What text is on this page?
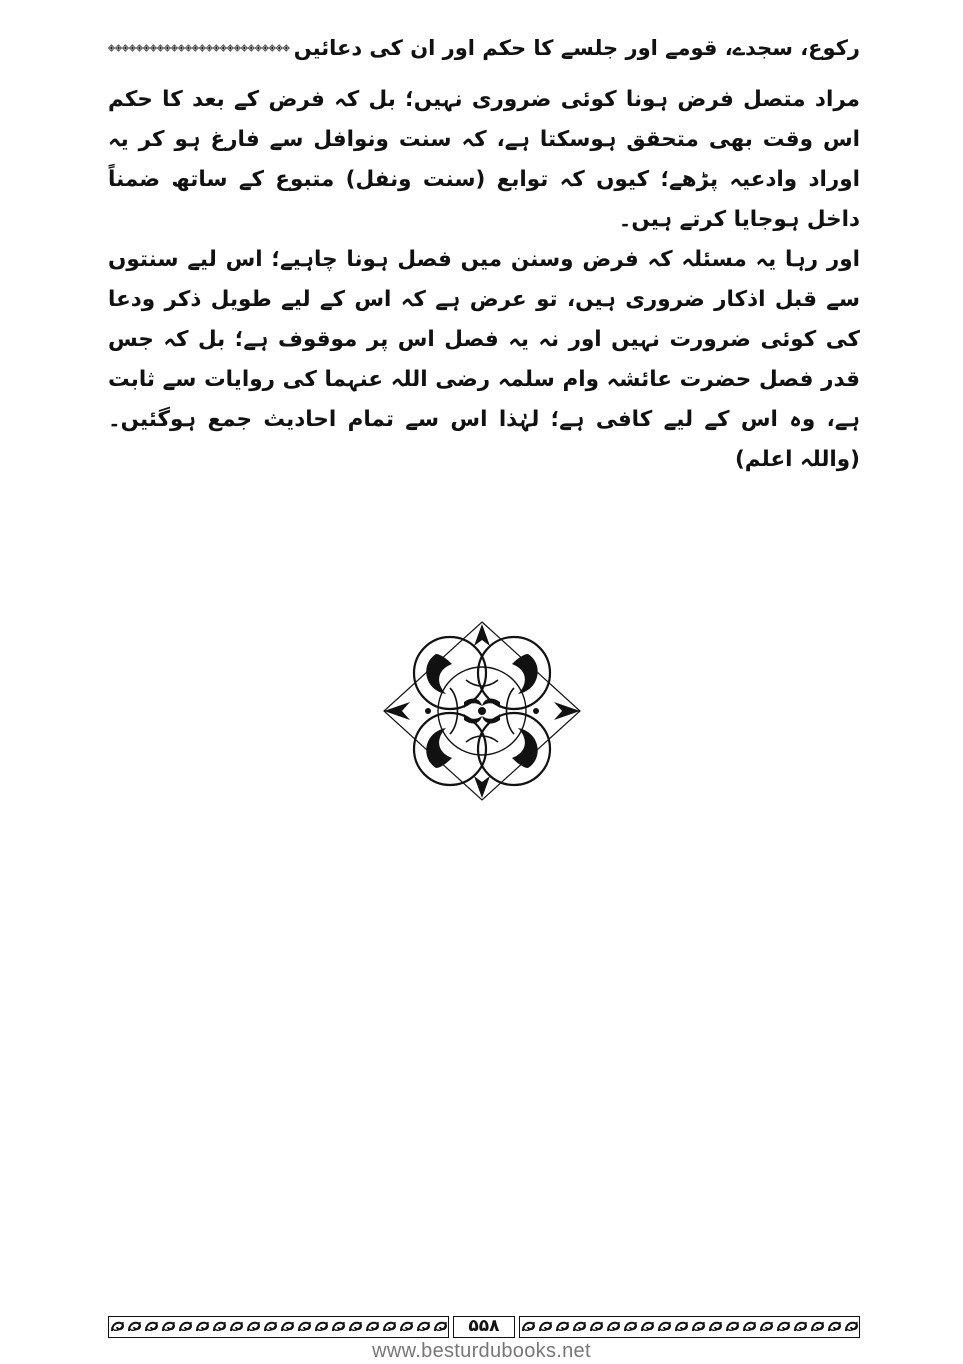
رکوع، سجدے، قومے اور جلسے کا حکم اور ان کی دعائیں

مراد متصل فرض ہونا کوئی ضروری نہیں؛ بل کہ فرض کے بعد کا حکم اس وقت بھی متحقق ہوسکتا ہے، کہ سنت ونوافل سے فارغ ہو کر یہ اوراد وادعیہ پڑھے؛ کیوں کہ توابع (سنت ونفل) متبوع کے ساتھ ضمناً داخل ہوجایا کرتے ہیں۔

اور رہا یہ مسئلہ کہ فرض وسنن میں فصل ہونا چاہیے؛ اس لیے سنتوں سے قبل اذکار ضروری ہیں، تو عرض ہے کہ اس کے لیے طویل ذکر ودعا کی کوئی ضرورت نہیں اور نہ یہ فصل اس پر موقوف ہے؛ بل کہ جس قدر فصل حضرت عائشہ وام سلمہ رضی اللہ عنہما کی روایات سے ثابت ہے، وہ اس کے لیے کافی ہے؛ لہٰذا اس سے تمام احادیث جمع ہوگئیں۔ (واللہ اعلم)

۵۵۸
www.besturdubooks.net
